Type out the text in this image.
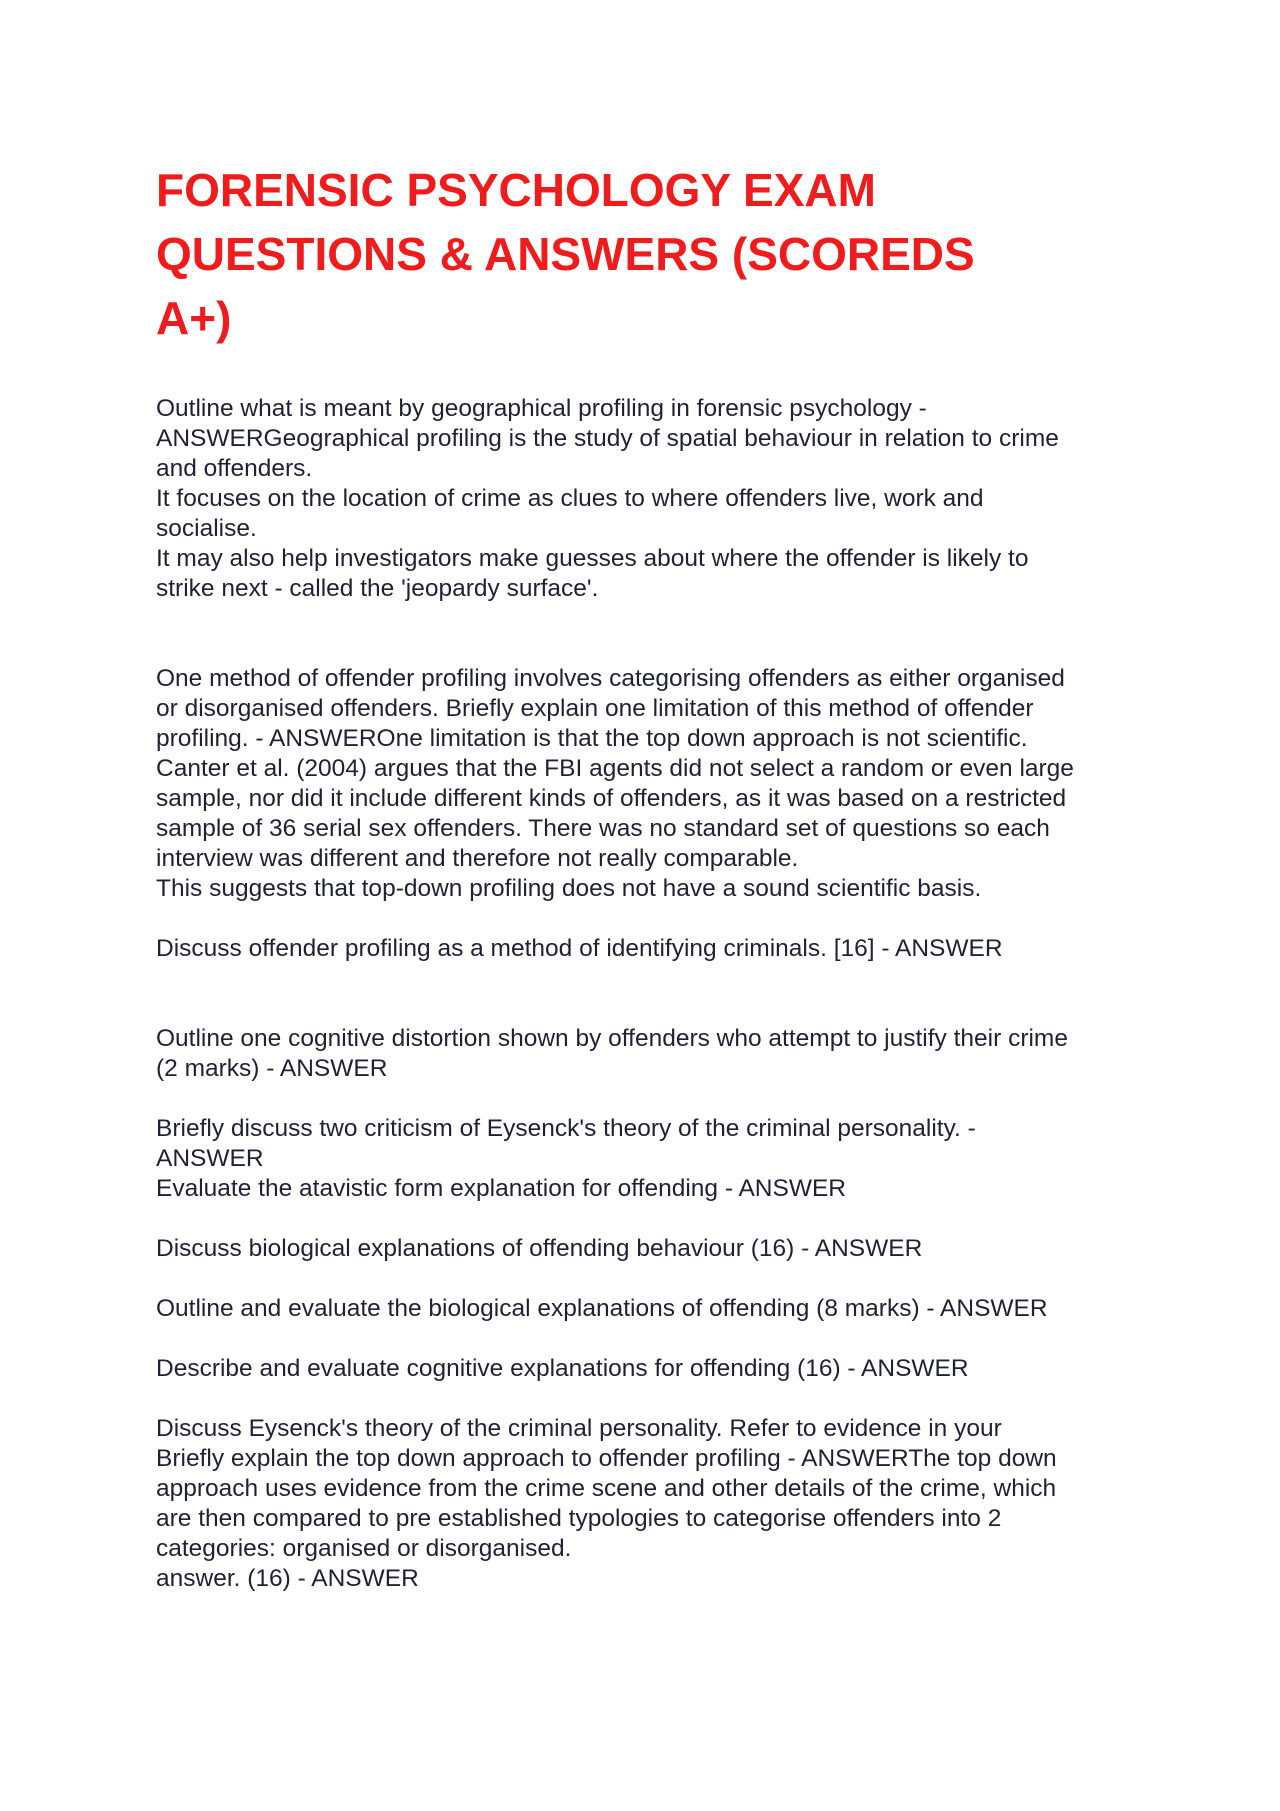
FORENSIC PSYCHOLOGY EXAM
QUESTIONS & ANSWERS (SCOREDS
A+)
Outline what is meant by geographical profiling in forensic psychology -
ANSWERGeographical profiling is the study of spatial behaviour in relation to crime
and offenders.
It focuses on the location of crime as clues to where offenders live, work and
socialise.
It may also help investigators make guesses about where the offender is likely to
strike next - called the 'jeopardy surface'.
One method of offender profiling involves categorising offenders as either organised
or disorganised offenders. Briefly explain one limitation of this method of offender
profiling. - ANSWEROne limitation is that the top down approach is not scientific.
Canter et al. (2004) argues that the FBI agents did not select a random or even large
sample, nor did it include different kinds of offenders, as it was based on a restricted
sample of 36 serial sex offenders. There was no standard set of questions so each
interview was different and therefore not really comparable.
This suggests that top-down profiling does not have a sound scientific basis.
Discuss offender profiling as a method of identifying criminals. [16] - ANSWER
Outline one cognitive distortion shown by offenders who attempt to justify their crime
(2 marks) - ANSWER
Briefly discuss two criticism of Eysenck's theory of the criminal personality. -
ANSWER
Evaluate the atavistic form explanation for offending - ANSWER
Discuss biological explanations of offending behaviour (16) - ANSWER
Outline and evaluate the biological explanations of offending (8 marks) - ANSWER
Describe and evaluate cognitive explanations for offending (16) - ANSWER
Discuss Eysenck's theory of the criminal personality. Refer to evidence in your
Briefly explain the top down approach to offender profiling - ANSWERThe top down
approach uses evidence from the crime scene and other details of the crime, which
are then compared to pre established typologies to categorise offenders into 2
categories: organised or disorganised.
answer. (16) - ANSWER
